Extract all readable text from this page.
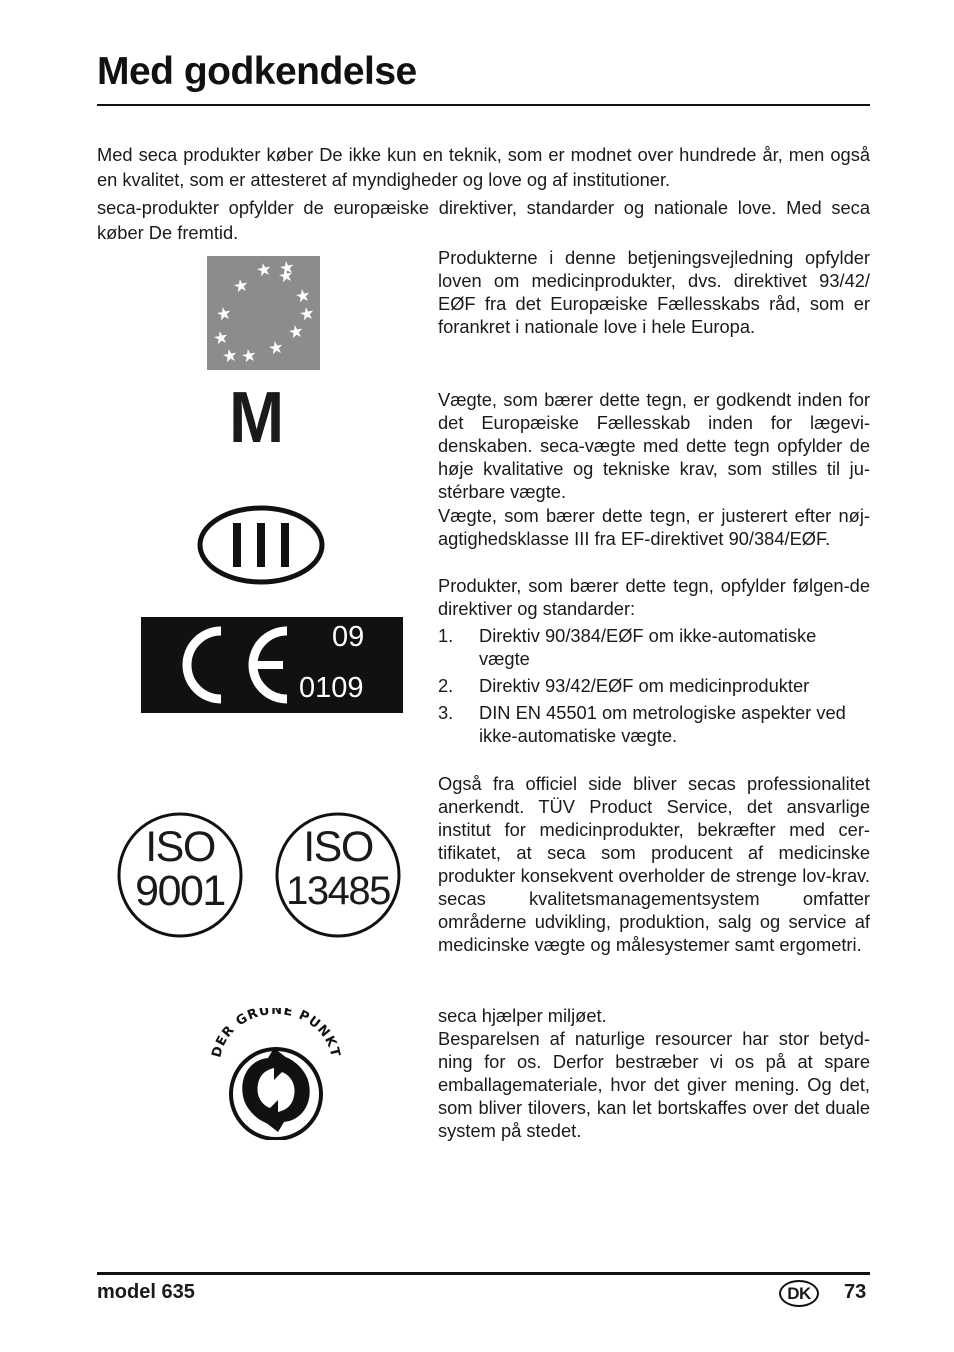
Med godkendelse

Med seca produkter køber De ikke kun en teknik, som er modnet over hundrede år, men også en kvalitet, som er attesteret af myndigheder og love og af institutioner.

seca-produkter opfylder de europæiske direktiver, standarder og nationale love. Med seca køber De fremtid.

M
09
0109
ISO
9001
ISO
13485
DER GRÜNE PUNKT
Produkterne i denne betjeningsvejledning opfylder loven om medicinprodukter, dvs. direktivet 93/42/ EØF fra det Europæiske Fællesskabs råd, som er forankret i nationale love i hele Europa.
Vægte, som bærer dette tegn, er godkendt inden for det Europæiske Fællesskab inden for lægevi-denskaben. seca-vægte med dette tegn opfylder de høje kvalitative og tekniske krav, som stilles til ju-stérbare vægte.
Vægte, som bærer dette tegn, er justerert efter nøj-agtighedsklasse III fra EF-direktivet 90/384/EØF.
Produkter, som bærer dette tegn, opfylder følgen-de direktiver og standarder:
1. Direktiv 90/384/EØF om ikke-automatiske vægte
2. Direktiv 93/42/EØF om medicinprodukter
3. DIN EN 45501 om metrologiske aspekter ved ikke-automatiske vægte.
Også fra officiel side bliver secas professionalitet anerkendt. TÜV Product Service, det ansvarlige institut for medicinprodukter, bekræfter med cer-tifikatet, at seca som producent af medicinske produkter konsekvent overholder de strenge lov-krav. secas kvalitetsmanagementsystem omfatter områderne udvikling, produktion, salg og service af medicinske vægte og målesystemer samt ergometri.
seca hjælper miljøet.
Besparelsen af naturlige resourcer har stor betyd-ning for os. Derfor bestræber vi os på at spare emballagemateriale, hvor det giver mening. Og det, som bliver tilovers, kan let bortskaffes over det duale system på stedet.
model 635	DK	73
